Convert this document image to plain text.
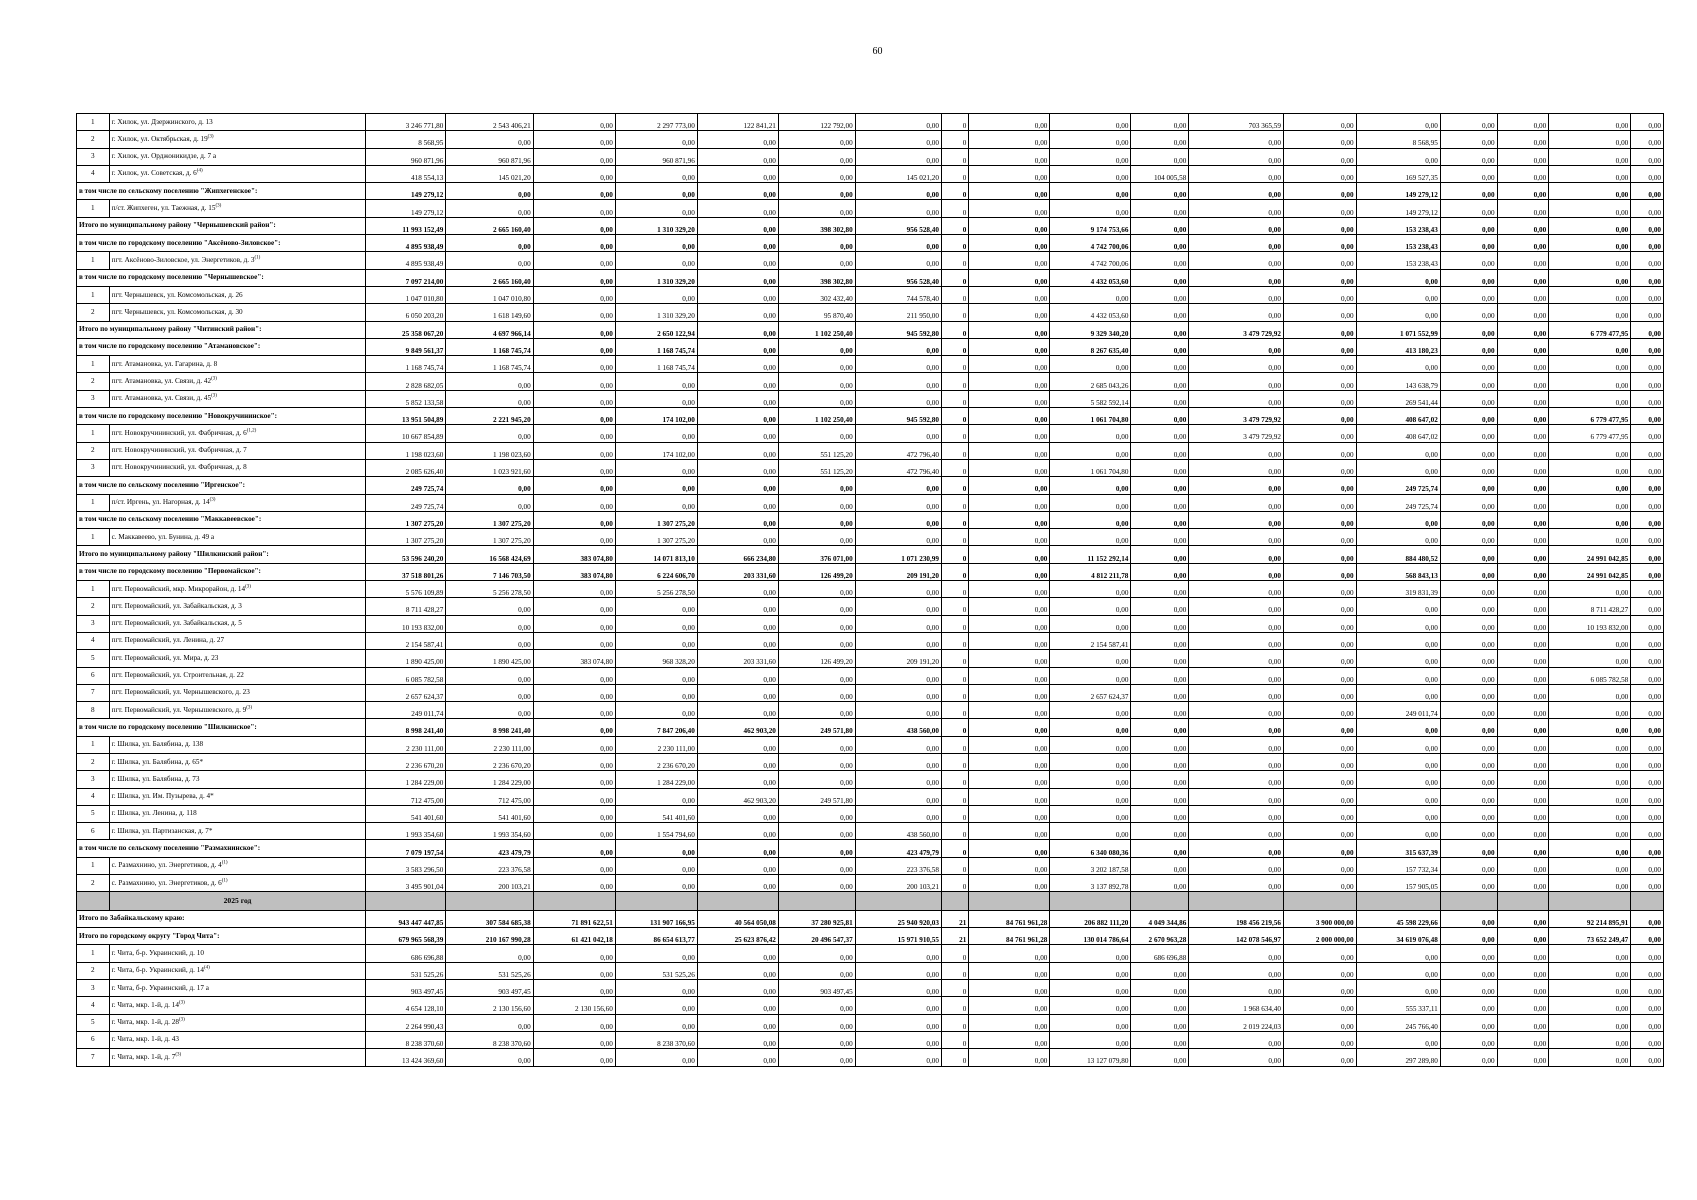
60
1	г. Хилок, ул. Дзержинского, д. 13	3 246 771,80	2 543 406,21	0,00	2 297 773,00	122 841,21	122 792,00	0,00	0	0,00	0,00	0,00	703 365,59	0,00	0,00	0,00	0,00	0,00	0,00
2	г. Хилок, ул. Октябрьская, д. 19$^{(3)}$	8 568,95	0,00	0,00	0,00	0,00	0,00	0,00	0	0,00	0,00	0,00	0,00	0,00	8 568,95	0,00	0,00	0,00	0,00
3	г. Хилок, ул. Орджоникидзе, д. 7 а	960 871,96	960 871,96	0,00	960 871,96	0,00	0,00	0,00	0	0,00	0,00	0,00	0,00	0,00	0,00	0,00	0,00	0,00	0,00
4	г. Хилок, ул. Советская, д. 6$^{(4)}$	418 554,13	145 021,20	0,00	0,00	0,00	0,00	145 021,20	0	0,00	0,00	104 005,58	0,00	0,00	169 527,35	0,00	0,00	0,00	0,00
в том числе по сельскому поселению "Жипхегенское":		149 279,12	0,00	0,00	0,00	0,00	0,00	0,00	0	0,00	0,00	0,00	0,00	0,00	149 279,12	0,00	0,00	0,00	0,00
1	п/ст. Жипхеген, ул. Таежная, д. 15$^{(3)}$	149 279,12	0,00	0,00	0,00	0,00	0,00	0,00	0	0,00	0,00	0,00	0,00	0,00	149 279,12	0,00	0,00	0,00	0,00
Итого по муниципальному району "Чернышевский район":		11 993 152,49	2 665 160,40	0,00	1 310 329,20	0,00	398 302,80	956 528,40	0	0,00	9 174 753,66	0,00	0,00	0,00	153 238,43	0,00	0,00	0,00	0,00
в том числе по городскому поселению "Аксёново-Зиловское":		4 895 938,49	0,00	0,00	0,00	0,00	0,00	0,00	0	0,00	4 742 700,06	0,00	0,00	0,00	153 238,43	0,00	0,00	0,00	0,00
1	пгт. Аксёново-Зиловское, ул. Энергетиков, д. 3$^{(1)}$	4 895 938,49	0,00	0,00	0,00	0,00	0,00	0,00	0	0,00	4 742 700,06	0,00	0,00	0,00	153 238,43	0,00	0,00	0,00	0,00
в том числе по городскому поселению "Чернышевское":		7 097 214,00	2 665 160,40	0,00	1 310 329,20	0,00	398 302,80	956 528,40	0	0,00	4 432 053,60	0,00	0,00	0,00	0,00	0,00	0,00	0,00	0,00
1	пгт. Чернышевск, ул. Комсомольская, д. 26	1 047 010,80	1 047 010,80	0,00	0,00	0,00	302 432,40	744 578,40	0	0,00	0,00	0,00	0,00	0,00	0,00	0,00	0,00	0,00	0,00
2	пгт. Чернышевск, ул. Комсомольская, д. 30	6 050 203,20	1 618 149,60	0,00	1 310 329,20	0,00	95 870,40	211 950,00	0	0,00	4 432 053,60	0,00	0,00	0,00	0,00	0,00	0,00	0,00	0,00
Итого по муниципальному району "Читинский район":		25 358 067,20	4 697 966,14	0,00	2 650 122,94	0,00	1 102 250,40	945 592,80	0	0,00	9 329 340,20	0,00	3 479 729,92	0,00	1 071 552,99	0,00	0,00	6 779 477,95	0,00
в том числе по городскому поселению "Атамановское":		9 849 561,37	1 168 745,74	0,00	1 168 745,74	0,00	0,00	0,00	0	0,00	8 267 635,40	0,00	0,00	0,00	413 180,23	0,00	0,00	0,00	0,00
1	пгт. Атамановка, ул. Гагарина, д. 8	1 168 745,74	1 168 745,74	0,00	1 168 745,74	0,00	0,00	0,00	0	0,00	0,00	0,00	0,00	0,00	0,00	0,00	0,00	0,00	0,00
2	пгт. Атамановка, ул. Связи, д. 42$^{(3)}$	2 828 682,05	0,00	0,00	0,00	0,00	0,00	0,00	0	0,00	2 685 043,26	0,00	0,00	0,00	143 638,79	0,00	0,00	0,00	0,00
3	пгт. Атамановка, ул. Связи, д. 45$^{(3)}$	5 852 133,58	0,00	0,00	0,00	0,00	0,00	0,00	0	0,00	5 582 592,14	0,00	0,00	0,00	269 541,44	0,00	0,00	0,00	0,00
в том числе по городскому поселению "Новокручининское":		13 951 504,89	2 221 945,20	0,00	174 102,00	0,00	1 102 250,40	945 592,80	0	0,00	1 061 704,80	0,00	3 479 729,92	0,00	408 647,02	0,00	0,00	6 779 477,95	0,00
1	пгт. Новокручининский, ул. Фабричная, д. 6$^{(1,2)}$	10 667 854,89	0,00	0,00	0,00	0,00	0,00	0,00	0	0,00	0,00	0,00	3 479 729,92	0,00	408 647,02	0,00	0,00	6 779 477,95	0,00
2	пгт. Новокручининский, ул. Фабричная, д. 7	1 198 023,60	1 198 023,60	0,00	174 102,00	0,00	551 125,20	472 796,40	0	0,00	0,00	0,00	0,00	0,00	0,00	0,00	0,00	0,00	0,00
3	пгт. Новокручининский, ул. Фабричная, д. 8	2 085 626,40	1 023 921,60	0,00	0,00	0,00	551 125,20	472 796,40	0	0,00	1 061 704,80	0,00	0,00	0,00	0,00	0,00	0,00	0,00	0,00
в том числе по сельскому поселению "Иргенское":		249 725,74	0,00	0,00	0,00	0,00	0,00	0,00	0	0,00	0,00	0,00	0,00	0,00	249 725,74	0,00	0,00	0,00	0,00
1	п/ст. Иргень, ул. Нагорная, д. 14$^{(3)}$	249 725,74	0,00	0,00	0,00	0,00	0,00	0,00	0	0,00	0,00	0,00	0,00	0,00	249 725,74	0,00	0,00	0,00	0,00
в том числе по сельскому поселению "Маккавеевское":		1 307 275,20	1 307 275,20	0,00	1 307 275,20	0,00	0,00	0,00	0	0,00	0,00	0,00	0,00	0,00	0,00	0,00	0,00	0,00	0,00
1	с. Маккавеево, ул. Бунина, д. 49 а	1 307 275,20	1 307 275,20	0,00	1 307 275,20	0,00	0,00	0,00	0	0,00	0,00	0,00	0,00	0,00	0,00	0,00	0,00	0,00	0,00
Итого по муниципальному району "Шилкинский район":		53 596 240,20	16 568 424,69	383 074,80	14 071 813,10	666 234,80	376 071,00	1 071 230,99	0	0,00	11 152 292,14	0,00	0,00	0,00	884 480,52	0,00	0,00	24 991 042,85	0,00
в том числе по городскому поселению "Первомайское":		37 518 801,26	7 146 703,50	383 074,80	6 224 606,70	203 331,60	126 499,20	209 191,20	0	0,00	4 812 211,78	0,00	0,00	0,00	568 843,13	0,00	0,00	24 991 042,85	0,00
1	пгт. Первомайский, мкр. Микрорайон, д. 14$^{(3)}$	5 576 109,89	5 256 278,50	0,00	5 256 278,50	0,00	0,00	0,00	0	0,00	0,00	0,00	0,00	0,00	319 831,39	0,00	0,00	0,00	0,00
2	пгт. Первомайский, ул. Забайкальская, д. 3	8 711 428,27	0,00	0,00	0,00	0,00	0,00	0,00	0	0,00	0,00	0,00	0,00	0,00	0,00	0,00	0,00	8 711 428,27	0,00
3	пгт. Первомайский, ул. Забайкальская, д. 5	10 193 832,00	0,00	0,00	0,00	0,00	0,00	0,00	0	0,00	0,00	0,00	0,00	0,00	0,00	0,00	0,00	10 193 832,00	0,00
4	пгт. Первомайский, ул. Ленина, д. 27	2 154 587,41	0,00	0,00	0,00	0,00	0,00	0,00	0	0,00	2 154 587,41	0,00	0,00	0,00	0,00	0,00	0,00	0,00	0,00
5	пгт. Первомайский, ул. Мира, д. 23	1 890 425,00	1 890 425,00	383 074,80	968 328,20	203 331,60	126 499,20	209 191,20	0	0,00	0,00	0,00	0,00	0,00	0,00	0,00	0,00	0,00	0,00
6	пгт. Первомайский, ул. Строительная, д. 22	6 085 782,58	0,00	0,00	0,00	0,00	0,00	0,00	0	0,00	0,00	0,00	0,00	0,00	0,00	0,00	0,00	6 085 782,58	0,00
7	пгт. Первомайский, ул. Чернышевского, д. 23	2 657 624,37	0,00	0,00	0,00	0,00	0,00	0,00	0	0,00	2 657 624,37	0,00	0,00	0,00	0,00	0,00	0,00	0,00	0,00
8	пгт. Первомайский, ул. Чернышевского, д. 9$^{(3)}$	249 011,74	0,00	0,00	0,00	0,00	0,00	0,00	0	0,00	0,00	0,00	0,00	0,00	249 011,74	0,00	0,00	0,00	0,00
в том числе по городскому поселению "Шилкинское":		8 998 241,40	8 998 241,40	0,00	7 847 206,40	462 903,20	249 571,80	438 560,00	0	0,00	0,00	0,00	0,00	0,00	0,00	0,00	0,00	0,00	0,00
1	г. Шилка, ул. Балябина, д. 138	2 230 111,00	2 230 111,00	0,00	2 230 111,00	0,00	0,00	0,00	0	0,00	0,00	0,00	0,00	0,00	0,00	0,00	0,00	0,00	0,00
2	г. Шилка, ул. Балябина, д. 65*	2 236 670,20	2 236 670,20	0,00	2 236 670,20	0,00	0,00	0,00	0	0,00	0,00	0,00	0,00	0,00	0,00	0,00	0,00	0,00	0,00
3	г. Шилка, ул. Балябина, д. 73	1 284 229,00	1 284 229,00	0,00	1 284 229,00	0,00	0,00	0,00	0	0,00	0,00	0,00	0,00	0,00	0,00	0,00	0,00	0,00	0,00
4	г. Шилка, ул. Им. Пузырева, д. 4*	712 475,00	712 475,00	0,00	0,00	462 903,20	249 571,80	0,00	0	0,00	0,00	0,00	0,00	0,00	0,00	0,00	0,00	0,00	0,00
5	г. Шилка, ул. Ленина, д. 118	541 401,60	541 401,60	0,00	541 401,60	0,00	0,00	0,00	0	0,00	0,00	0,00	0,00	0,00	0,00	0,00	0,00	0,00	0,00
6	г. Шилка, ул. Партизанская, д. 7*	1 993 354,60	1 993 354,60	0,00	1 554 794,60	0,00	0,00	438 560,00	0	0,00	0,00	0,00	0,00	0,00	0,00	0,00	0,00	0,00	0,00
в том числе по сельскому поселению "Размахнинское":		7 079 197,54	423 479,79	0,00	0,00	0,00	0,00	423 479,79	0	0,00	6 340 080,36	0,00	0,00	0,00	315 637,39	0,00	0,00	0,00	0,00
1	с. Размахнино, ул. Энергетиков, д. 4$^{(1)}$	3 583 296,50	223 376,58	0,00	0,00	0,00	0,00	223 376,58	0	0,00	3 202 187,58	0,00	0,00	0,00	157 732,34	0,00	0,00	0,00	0,00
2	с. Размахнино, ул. Энергетиков, д. 6$^{(1)}$	3 495 901,04	200 103,21	0,00	0,00	0,00	0,00	200 103,21	0	0,00	3 137 892,78	0,00	0,00	0,00	157 905,05	0,00	0,00	0,00	0,00
	2025 год																		
Итого по Забайкальскому краю:		943 447 447,85	307 584 685,38	71 891 622,51	131 907 166,95	40 564 050,08	37 280 925,81	25 940 920,03	21	84 761 961,28	206 882 111,20	4 049 344,86	198 456 219,56	3 900 000,00	45 598 229,66	0,00	0,00	92 214 895,91	0,00
Итого по городскому округу "Город Чита":		679 965 568,39	210 167 990,28	61 421 042,18	86 654 613,77	25 623 876,42	20 496 547,37	15 971 910,55	21	84 761 961,28	130 014 786,64	2 670 963,28	142 078 546,97	2 000 000,00	34 619 076,48	0,00	0,00	73 652 249,47	0,00
1	г. Чита, б-р. Украинский, д. 10	686 696,88	0,00	0,00	0,00	0,00	0,00	0,00	0	0,00	0,00	686 696,88	0,00	0,00	0,00	0,00	0,00	0,00	0,00
2	г. Чита, б-р. Украинский, д. 14$^{(4)}$	531 525,26	531 525,26	0,00	531 525,26	0,00	0,00	0,00	0	0,00	0,00	0,00	0,00	0,00	0,00	0,00	0,00	0,00	0,00
3	г. Чита, б-р. Украинский, д. 17 а	903 497,45	903 497,45	0,00	0,00	0,00	903 497,45	0,00	0	0,00	0,00	0,00	0,00	0,00	0,00	0,00	0,00	0,00	0,00
4	г. Чита, мкр. 1-й, д. 14$^{(3)}$	4 654 128,10	2 130 156,60	2 130 156,60	0,00	0,00	0,00	0,00	0	0,00	0,00	0,00	1 968 634,40	0,00	555 337,11	0,00	0,00	0,00	0,00
5	г. Чита, мкр. 1-й, д. 28$^{(3)}$	2 264 990,43	0,00	0,00	0,00	0,00	0,00	0,00	0	0,00	0,00	0,00	2 019 224,03	0,00	245 766,40	0,00	0,00	0,00	0,00
6	г. Чита, мкр. 1-й, д. 43	8 238 370,60	8 238 370,60	0,00	8 238 370,60	0,00	0,00	0,00	0	0,00	0,00	0,00	0,00	0,00	0,00	0,00	0,00	0,00	0,00
7	г. Чита, мкр. 1-й, д. 7$^{(3)}$	13 424 369,60	0,00	0,00	0,00	0,00	0,00	0,00	0	0,00	13 127 079,80	0,00	0,00	0,00	297 289,80	0,00	0,00	0,00	0,00
